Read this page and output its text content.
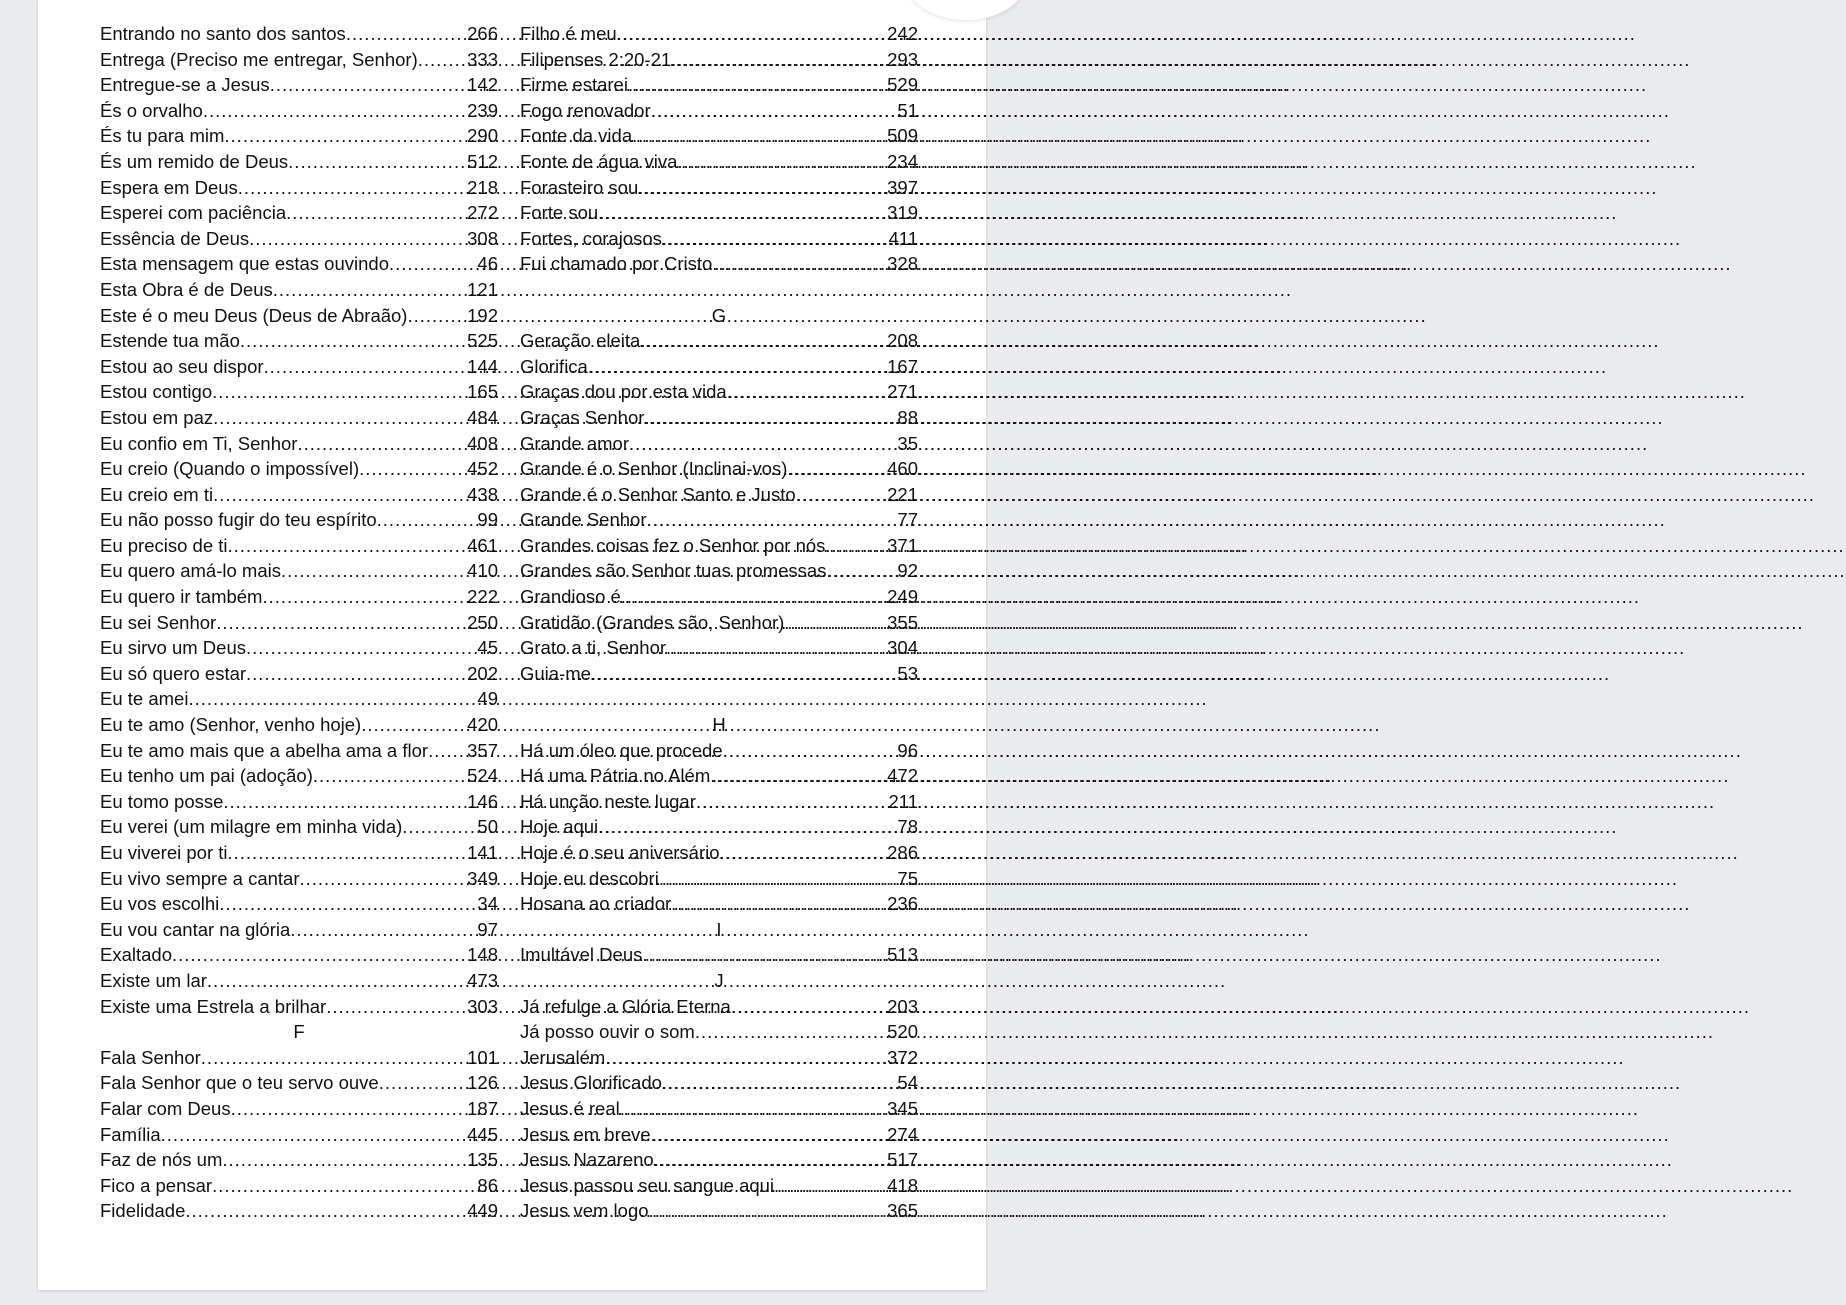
Entrando no santo dos santos .....	266
Entrega (Preciso me entregar, Senhor) .....	333
Entregue-se a Jesus .....	142
És o orvalho .....	239
És tu para mim .....	290
És um remido de Deus .....	512
Espera em Deus .....	218
Esperei com paciência .....	272
Essência de Deus .....	308
Esta mensagem que estas ouvindo .....	46
Esta Obra é de Deus .....	121
Este é o meu Deus (Deus de Abraão) .....	192
Estende tua mão .....	525
Estou ao seu dispor .....	144
Estou contigo .....	165
Estou em paz .....	484
Eu confio em Ti, Senhor .....	408
Eu creio (Quando o impossível) .....	452
Eu creio em ti .....	438
Eu não posso fugir do teu espírito .....	99
Eu preciso de ti .....	461
Eu quero amá-lo mais .....	410
Eu quero ir também .....	222
Eu sei Senhor .....	250
Eu sirvo um Deus .....	45
Eu só quero estar .....	202
Eu te amei .....	49
Eu te amo (Senhor, venho hoje) .....	420
Eu te amo mais que a abelha ama a flor ..... 357
Eu tenho um pai (adoção) .....	524
Eu tomo posse .....	146
Eu verei (um milagre em minha vida) .....	50
Eu viverei por ti .....	141
Eu vivo sempre a cantar .....	349
Eu vos escolhi .....	34
Eu vou cantar na glória .....	97
Exaltado .....	148
Existe um lar .....	473
Existe uma Estrela a brilhar .....	303
F
Fala Senhor .....	101
Fala Senhor que o teu servo ouve .....	126
Falar com Deus .....	187
Família .....	445
Faz de nós um .....	135
Fico a pensar .....	86
Fidelidade .....	449
Filho é meu .....	242
Filipenses 2:20-21 .....	293
Firme estarei .....	529
Fogo renovador .....	51
Fonte da vida .....	509
Fonte de água viva .....	234
Forasteiro sou .....	397
Forte sou .....	319
Fortes, corajosos .....	411
Fui chamado por Cristo .....	328
G
Geração eleita .....	208
Glorifica .....	167
Graças dou por esta vida .....	271
Graças Senhor .....	88
Grande amor .....	35
Grande é o Senhor (Inclinai-vos) .....	460
Grande é o Senhor Santo e Justo .....	221
Grande Senhor .....	77
Grandes coisas fez o Senhor por nós .....	371
Grandes são Senhor tuas promessas .....	92
Grandioso é .....	249
Gratidão (Grandes são, Senhor) .....	355
Grato a ti, Senhor .....	304
Guia-me .....	53
H
Há um óleo que procede .....	96
Há uma Pátria no Além .....	472
Há unção neste lugar .....	211
Hoje aqui .....	78
Hoje é o seu aniversário .....	286
Hoje eu descobri .....	75
Hosana ao criador .....	236
I
Imultável Deus .....	513
J
Já refulge a Glória Eterna .....	203
Já posso ouvir o som .....	520
Jerusalém .....	372
Jesus Glorificado .....	54
Jesus é real .....	345
Jesus em breve .....	274
Jesus Nazareno .....	517
Jesus passou seu sangue aqui .....	418
Jesus vem logo .....	365
